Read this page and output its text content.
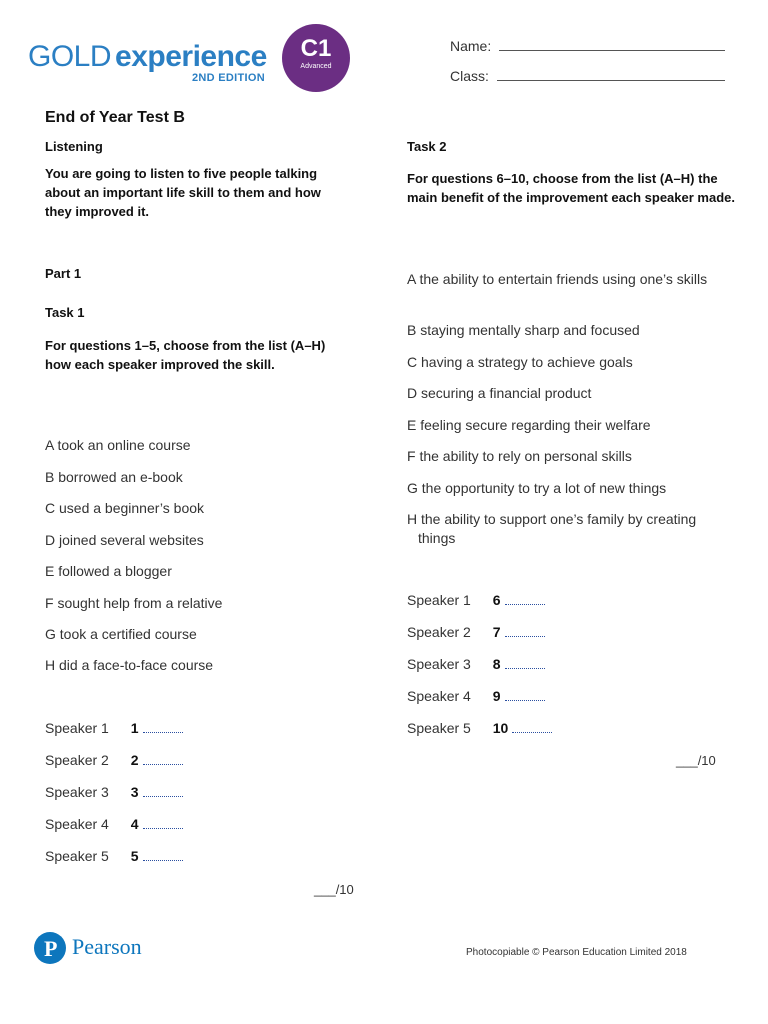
GOLD experience
2ND EDITION
C1
Advanced
Name:
Class:
End of Year Test B
Listening
You are going to listen to five people talking about an important life skill to them and how they improved it.
Part 1
Task 1
For questions 1–5, choose from the list (A–H) how each speaker improved the skill.
A took an online course
B borrowed an e-book
C used a beginner’s book
D joined several websites
E followed a blogger
F sought help from a relative
G took a certified course
H did a face-to-face course
Speaker 1 1
Speaker 2 2
Speaker 3 3
Speaker 4 4
Speaker 5 5
___/10
Task 2
For questions 6–10, choose from the list (A–H) the main benefit of the improvement each speaker made.
A the ability to entertain friends using one’s skills
B staying mentally sharp and focused
C having a strategy to achieve goals
D securing a financial product
E feeling secure regarding their welfare
F the ability to rely on personal skills
G the opportunity to try a lot of new things
H the ability to support one’s family by creating things
Speaker 1 6
Speaker 2 7
Speaker 3 8
Speaker 4 9
Speaker 5 10
___/10
P Pearson	Photocopiable © Pearson Education Limited 2018
